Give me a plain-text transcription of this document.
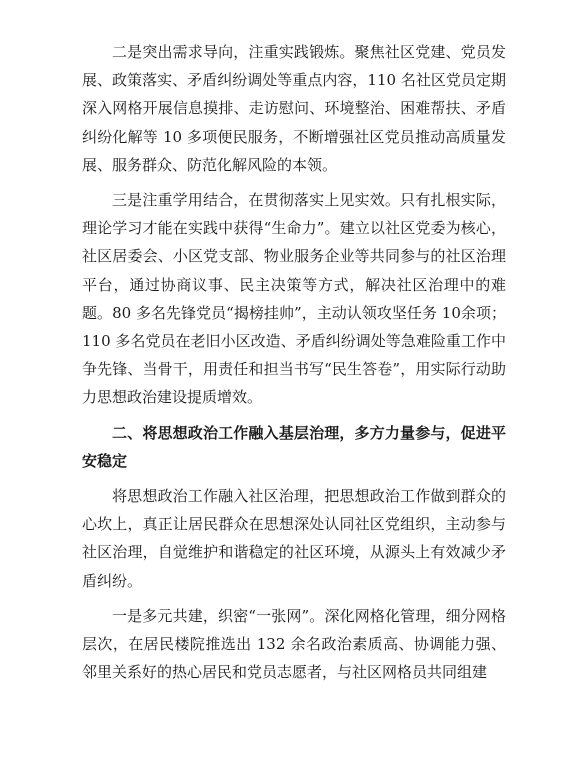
二是突出需求导向，注重实践锻炼。聚焦社区党建、党员发展、政策落实、矛盾纠纷调处等重点内容，110 名社区党员定期深入网格开展信息摸排、走访慰问、环境整治、困难帮扶、矛盾纠纷化解等 10 多项便民服务，不断增强社区党员推动高质量发展、服务群众、防范化解风险的本领。

三是注重学用结合，在贯彻落实上见实效。只有扎根实际，理论学习才能在实践中获得“生命力”。建立以社区党委为核心，社区居委会、小区党支部、物业服务企业等共同参与的社区治理平台，通过协商议事、民主决策等方式，解决社区治理中的难题。80 多名先锋党员“揭榜挂帅”，主动认领攻坚任务 10余项；110 多名党员在老旧小区改造、矛盾纠纷调处等急难险重工作中争先锋、当骨干，用责任和担当书写“民生答卷”，用实际行动助力思想政治建设提质增效。

二、将思想政治工作融入基层治理，多方力量参与，促进平安稳定

将思想政治工作融入社区治理，把思想政治工作做到群众的心坎上，真正让居民群众在思想深处认同社区党组织，主动参与社区治理，自觉维护和谐稳定的社区环境，从源头上有效减少矛盾纠纷。

一是多元共建，织密“一张网”。深化网格化管理，细分网格层次，在居民楼院推选出 132 余名政治素质高、协调能力强、邻里关系好的热心居民和党员志愿者，与社区网格员共同组建
